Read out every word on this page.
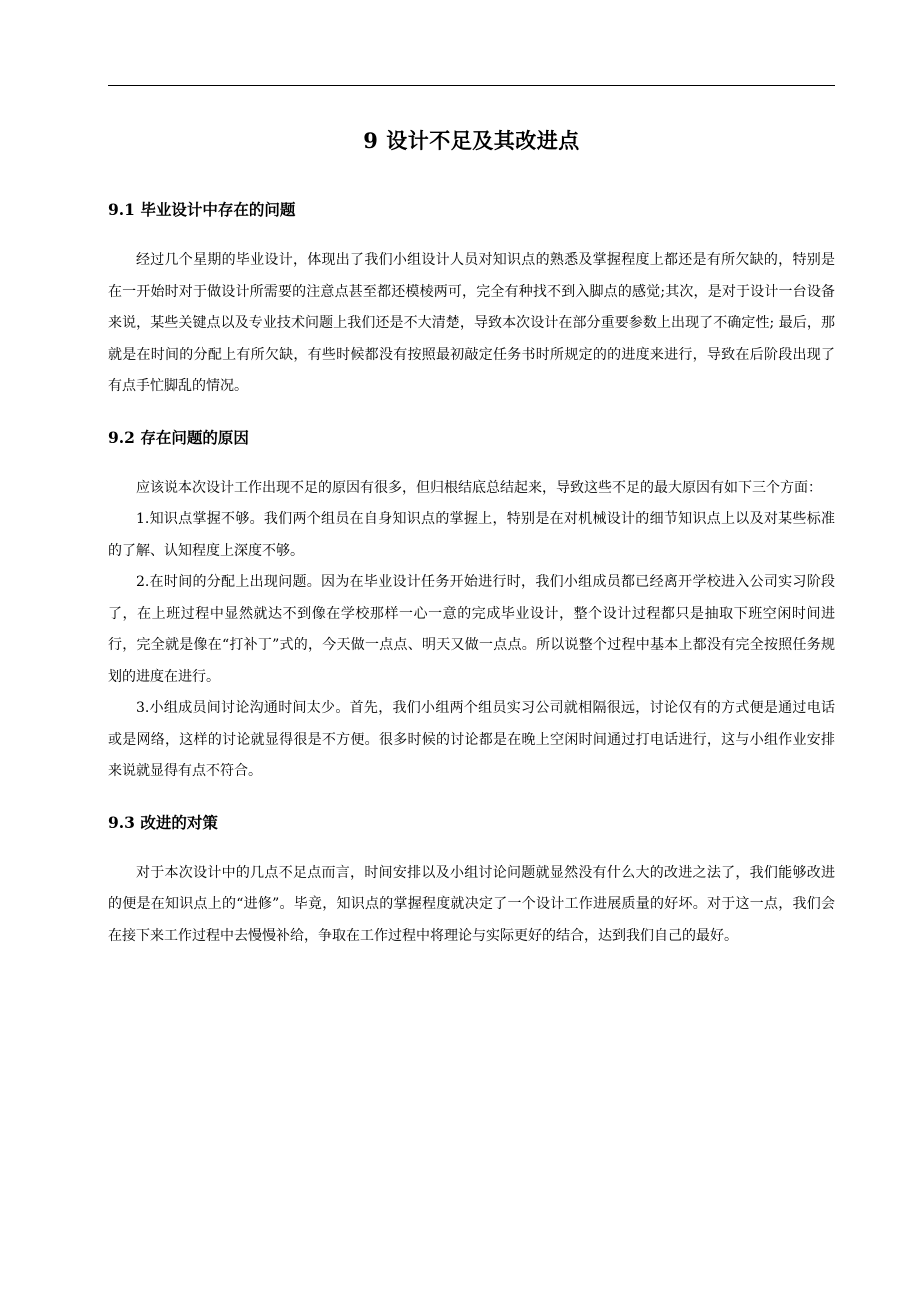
9 设计不足及其改进点
9.1 毕业设计中存在的问题

经过几个星期的毕业设计，体现出了我们小组设计人员对知识点的熟悉及掌握程度上都还是有所欠缺的，特别是在一开始时对于做设计所需要的注意点甚至都还模棱两可，完全有种找不到入脚点的感觉;其次，是对于设计一台设备来说，某些关键点以及专业技术问题上我们还是不大清楚，导致本次设计在部分重要参数上出现了不确定性; 最后，那就是在时间的分配上有所欠缺，有些时候都没有按照最初敲定任务书时所规定的的进度来进行，导致在后阶段出现了有点手忙脚乱的情况。

9.2 存在问题的原因

应该说本次设计工作出现不足的原因有很多，但归根结底总结起来，导致这些不足的最大原因有如下三个方面：

1.知识点掌握不够。我们两个组员在自身知识点的掌握上，特别是在对机械设计的细节知识点上以及对某些标准的了解、认知程度上深度不够。

2.在时间的分配上出现问题。因为在毕业设计任务开始进行时，我们小组成员都已经离开学校进入公司实习阶段了，在上班过程中显然就达不到像在学校那样一心一意的完成毕业设计，整个设计过程都只是抽取下班空闲时间进行，完全就是像在“打补丁”式的，今天做一点点、明天又做一点点。所以说整个过程中基本上都没有完全按照任务规划的进度在进行。

3.小组成员间讨论沟通时间太少。首先，我们小组两个组员实习公司就相隔很远，讨论仅有的方式便是通过电话或是网络，这样的讨论就显得很是不方便。很多时候的讨论都是在晚上空闲时间通过打电话进行，这与小组作业安排来说就显得有点不符合。

9.3 改进的对策

对于本次设计中的几点不足点而言，时间安排以及小组讨论问题就显然没有什么大的改进之法了，我们能够改进的便是在知识点上的“进修”。毕竟，知识点的掌握程度就决定了一个设计工作进展质量的好坏。对于这一点，我们会在接下来工作过程中去慢慢补给，争取在工作过程中将理论与实际更好的结合，达到我们自己的最好。
